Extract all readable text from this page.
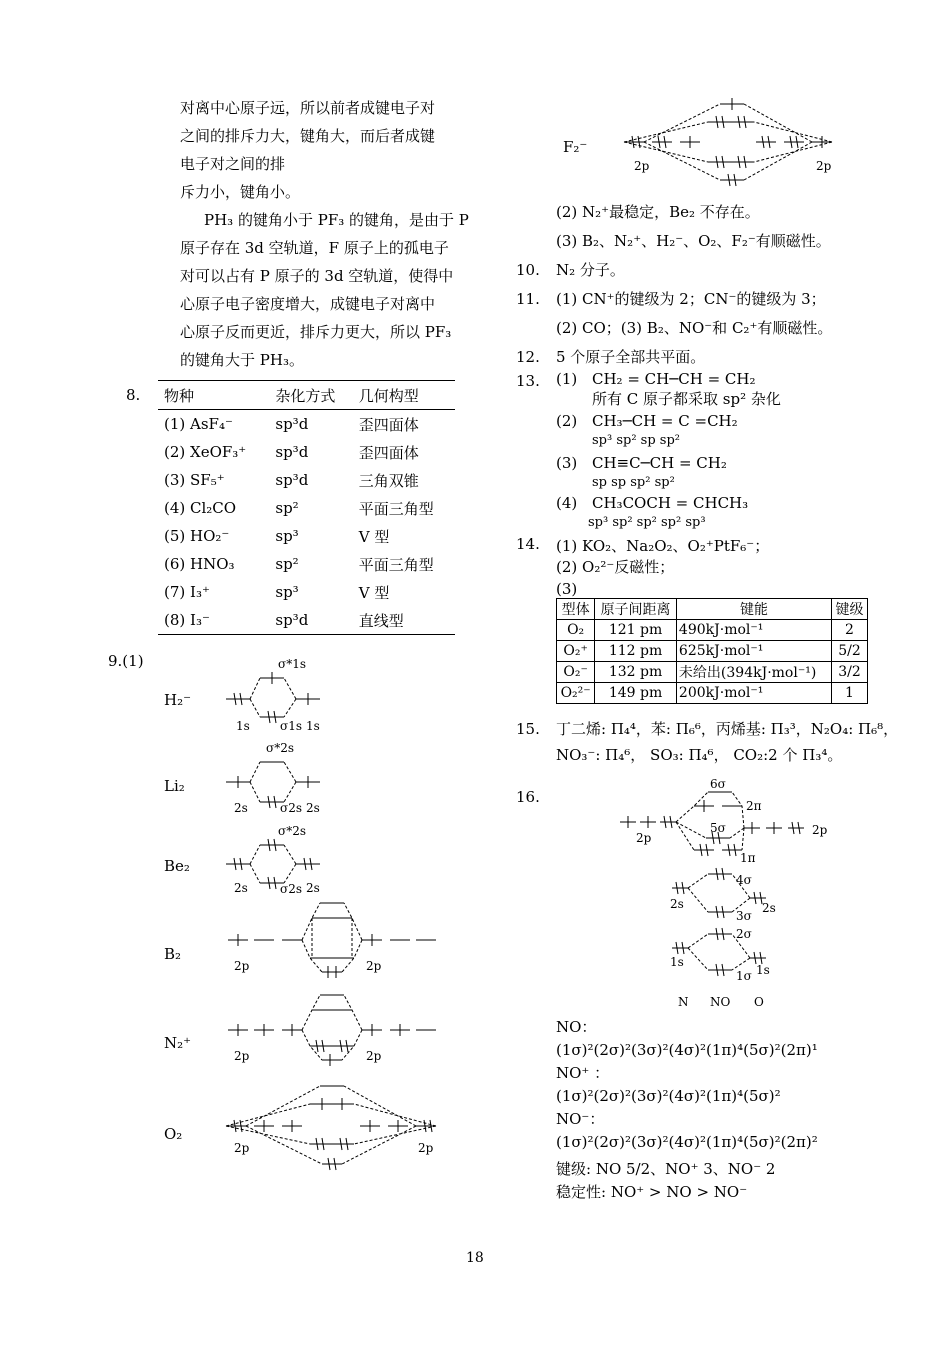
对离中心原子远，所以前者成键电子对
之间的排斥力大，键角大，而后者成键
电子对之间的排
斥力小，键角小。
PH₃ 的键角小于 PF₃ 的键角，是由于 P
原子存在 3d 空轨道，F 原子上的孤电子
对可以占有 P 原子的 3d 空轨道，使得中
心原子电子密度增大，成键电子对离中
心原子反而更近，排斥力更大，所以 PF₃
的键角大于 PH₃。
8. 物种	杂化方式	几何构型
(1) AsF₄⁻	sp³d	歪四面体
(2) XeOF₃⁺	sp³d	歪四面体
(3) SF₅⁺	sp³d	三角双锥
(4) Cl₂CO	sp²	平面三角型
(5) HO₂⁻	sp³	V 型
(6) HNO₃	sp²	平面三角型
(7) I₃⁺	sp³	V 型
(8) I₃⁻	sp³d	直线型
9.(1)
H₂⁻
Li₂
Be₂
B₂
N₂⁺
O₂
F₂⁻
1s	σ1s 1s
σ*1s
σ*2s
2s	σ2s 2s
σ*2s
2s	σ2s 2s
2p	2p
2p	2p
2p	2p
2p	2p
(2) N₂⁺最稳定，Be₂ 不存在。
(3) B₂、N₂⁺、H₂⁻、O₂、F₂⁻有顺磁性。
10. N₂ 分子。
11. (1) CN⁺的键级为 2；CN⁻的键级为 3；
(2) CO；(3) B₂、NO⁻和 C₂⁺有顺磁性。
12. 5 个原子全部共平面。
13. (1) CH₂ = CH─CH = CH₂
所有 C 原子都采取 sp² 杂化
(2) CH₃─CH = C =CH₂
sp³ sp² sp sp²
(3) CH≡C─CH = CH₂
sp sp sp² sp²
(4) CH₃COCH = CHCH₃
sp³ sp² sp² sp² sp³
14. (1) KO₂、Na₂O₂、O₂⁺PtF₆⁻；
(2) O₂²⁻反磁性；
(3)
型体	原子间距离	键能	键级
O₂	121 pm	490kJ·mol⁻¹	2
O₂⁺	112 pm	625kJ·mol⁻¹	5/2
O₂⁻	132 pm	未给出(394kJ·mol⁻¹)	3/2
O₂²⁻	149 pm	200kJ·mol⁻¹	1
15. 丁二烯: Π₄⁴，苯: Π₆⁶，丙烯基: Π₃³，N₂O₄: Π₆⁸，
NO₃⁻: Π₄⁶， SO₃: Π₄⁶， CO₂:2 个 Π₃⁴。
16.
6σ
2π
5σ
1π
4σ
3σ
2σ
1σ
2p
2p
2s	2s
1s
1s
N NO O
NO：
(1σ)²(2σ)²(3σ)²(4σ)²(1π)⁴(5σ)²(2π)¹
NO⁺ ：
(1σ)²(2σ)²(3σ)²(4σ)²(1π)⁴(5σ)²
NO⁻：
(1σ)²(2σ)²(3σ)²(4σ)²(1π)⁴(5σ)²(2π)²
键级: NO 5/2、NO⁺ 3、NO⁻ 2
稳定性: NO⁺ > NO > NO⁻
18
